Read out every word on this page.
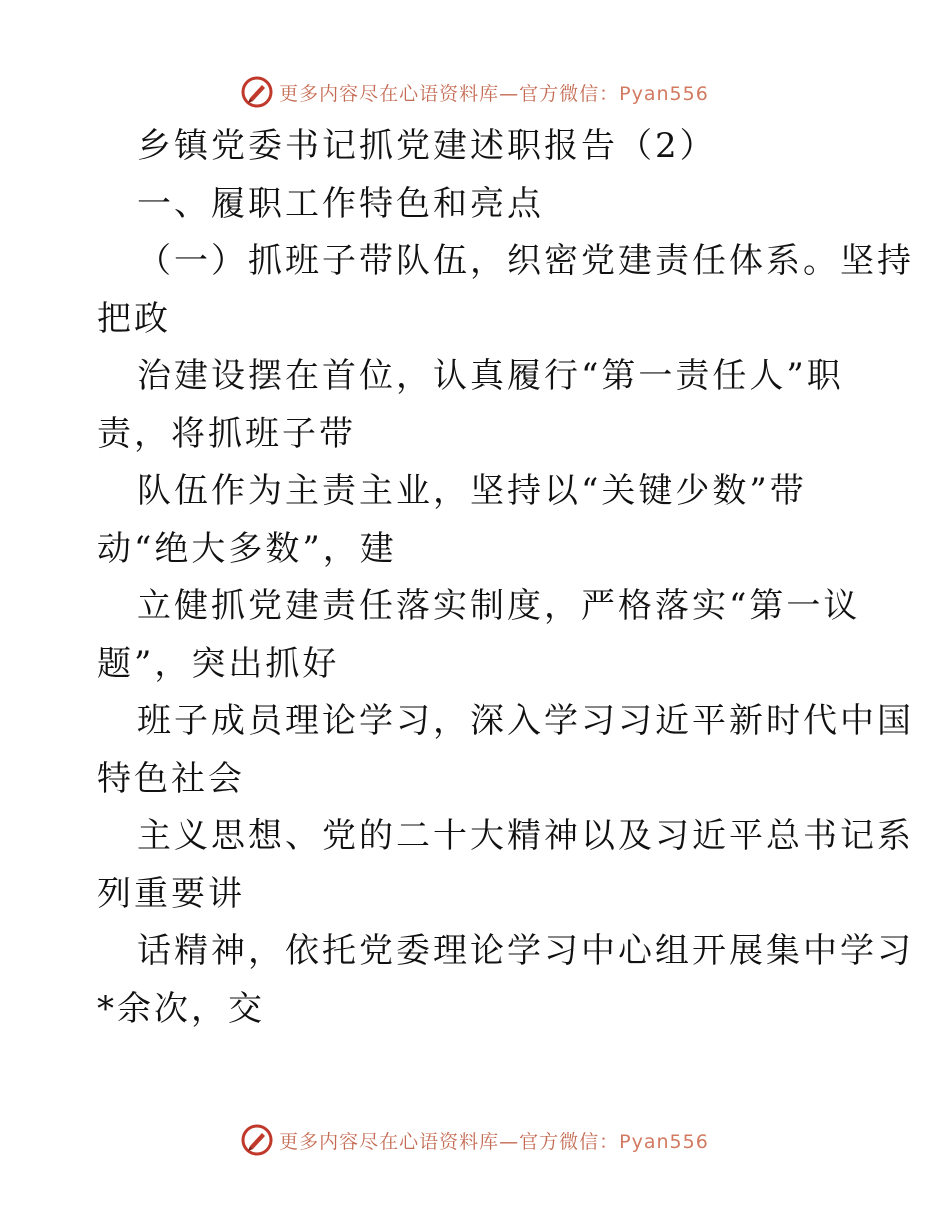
更多内容尽在心语资料库—官方微信：Pyan556
乡镇党委书记抓党建述职报告（2）
一、履职工作特色和亮点
（一）抓班子带队伍，织密党建责任体系。坚持
把政
治建设摆在首位，认真履行“第一责任人”职
责，将抓班子带
队伍作为主责主业，坚持以“关键少数”带
动“绝大多数”，建
立健抓党建责任落实制度，严格落实“第一议
题”，突出抓好
班子成员理论学习，深入学习习近平新时代中国
特色社会
主义思想、党的二十大精神以及习近平总书记系
列重要讲
话精神，依托党委理论学习中心组开展集中学习
*余次，交
更多内容尽在心语资料库—官方微信：Pyan556
